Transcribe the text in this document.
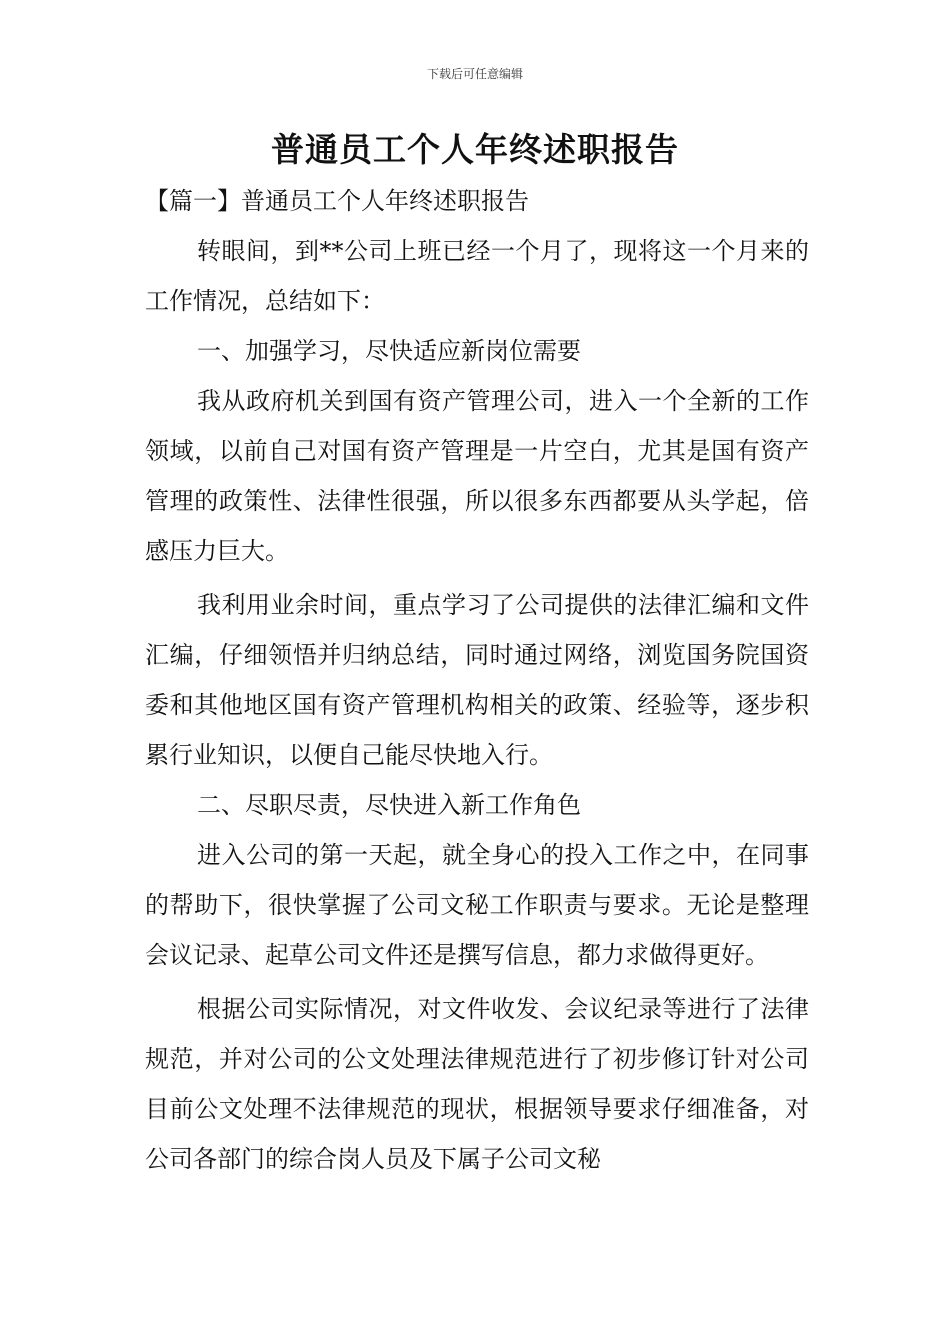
下载后可任意编辑
普通员工个人年终述职报告

【篇一】普通员工个人年终述职报告

转眼间，到**公司上班已经一个月了，现将这一个月来的工作情况，总结如下：

一、加强学习，尽快适应新岗位需要

我从政府机关到国有资产管理公司，进入一个全新的工作领域，以前自己对国有资产管理是一片空白，尤其是国有资产管理的政策性、法律性很强，所以很多东西都要从头学起，倍感压力巨大。

我利用业余时间，重点学习了公司提供的法律汇编和文件汇编，仔细领悟并归纳总结，同时通过网络，浏览国务院国资委和其他地区国有资产管理机构相关的政策、经验等，逐步积累行业知识，以便自己能尽快地入行。

二、尽职尽责，尽快进入新工作角色

进入公司的第一天起，就全身心的投入工作之中，在同事的帮助下，很快掌握了公司文秘工作职责与要求。无论是整理会议记录、起草公司文件还是撰写信息，都力求做得更好。

根据公司实际情况，对文件收发、会议纪录等进行了法律规范，并对公司的公文处理法律规范进行了初步修订针对公司目前公文处理不法律规范的现状，根据领导要求仔细准备，对公司各部门的综合岗人员及下属子公司文秘
